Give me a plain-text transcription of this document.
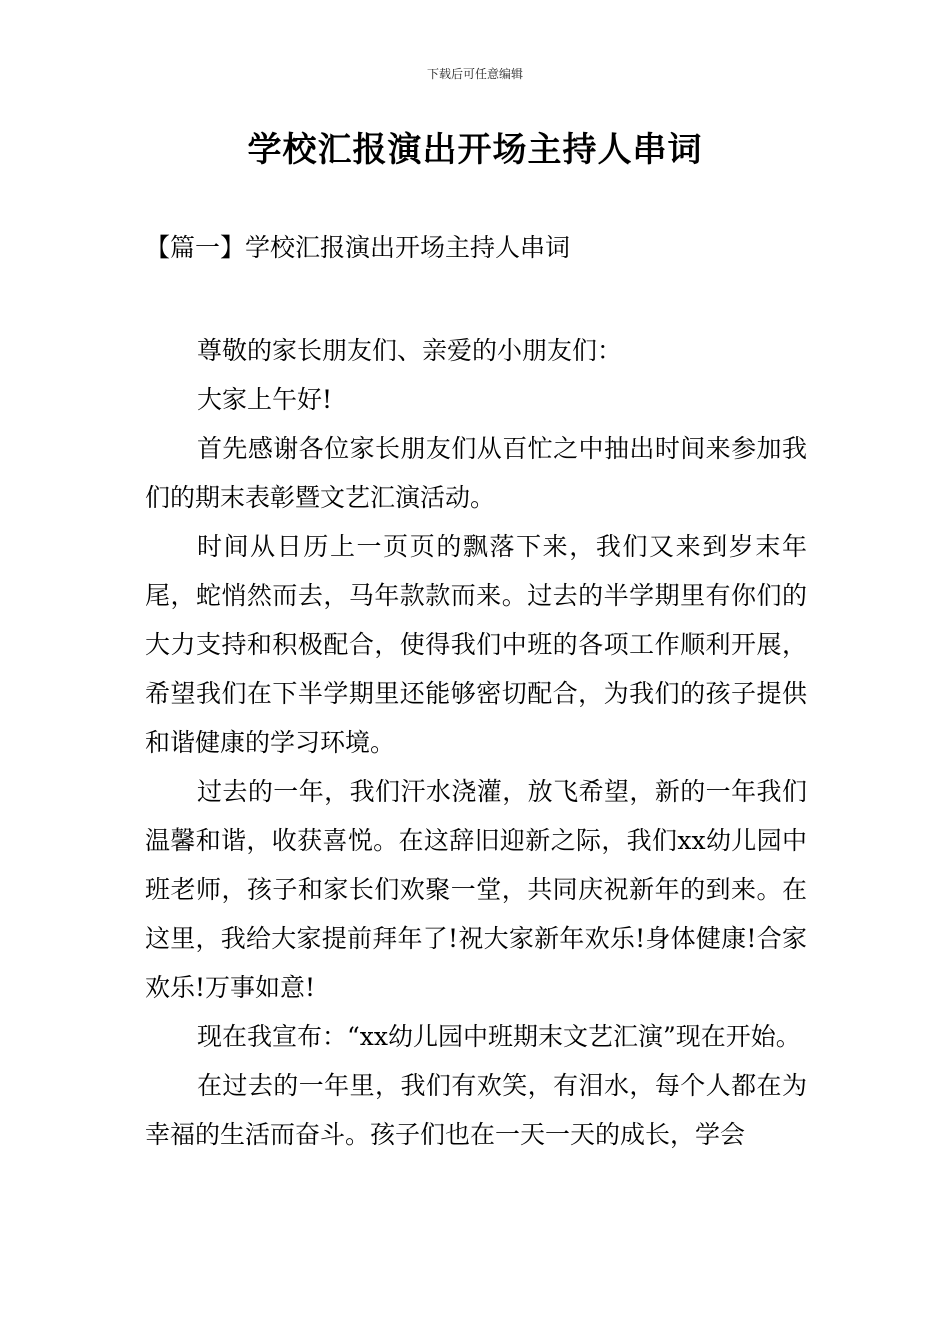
下载后可任意编辑
学校汇报演出开场主持人串词
【篇一】学校汇报演出开场主持人串词

尊敬的家长朋友们、亲爱的小朋友们：

大家上午好!

首先感谢各位家长朋友们从百忙之中抽出时间来参加我们的期末表彰暨文艺汇演活动。

时间从日历上一页页的飘落下来，我们又来到岁末年尾，蛇悄然而去，马年款款而来。过去的半学期里有你们的大力支持和积极配合，使得我们中班的各项工作顺利开展，希望我们在下半学期里还能够密切配合，为我们的孩子提供和谐健康的学习环境。

过去的一年，我们汗水浇灌，放飞希望，新的一年我们温馨和谐，收获喜悦。在这辞旧迎新之际，我们xx幼儿园中班老师，孩子和家长们欢聚一堂，共同庆祝新年的到来。在这里，我给大家提前拜年了!祝大家新年欢乐!身体健康!合家欢乐!万事如意!

现在我宣布：“xx幼儿园中班期末文艺汇演”现在开始。

在过去的一年里，我们有欢笑，有泪水，每个人都在为幸福的生活而奋斗。孩子们也在一天一天的成长，学会
